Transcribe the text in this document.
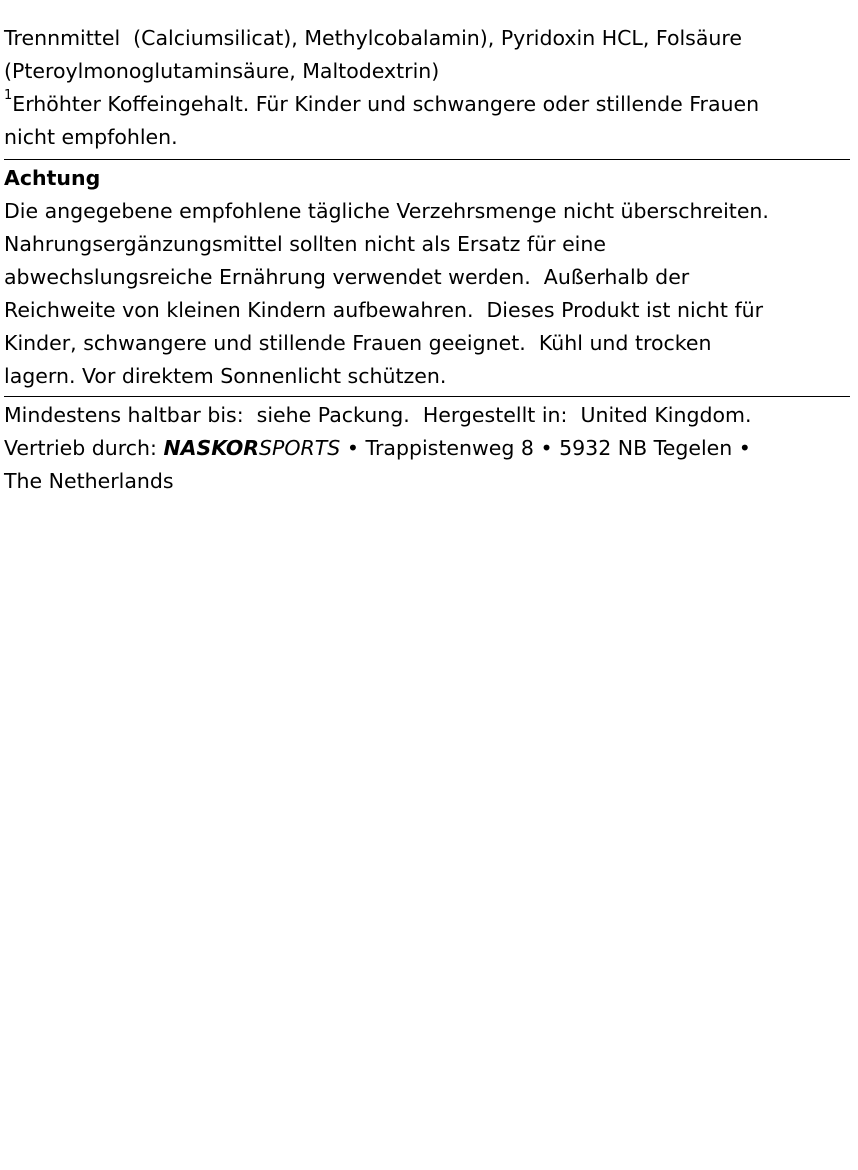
Trennmittel  (Calciumsilicat), Methylcobalamin), Pyridoxin HCL, Folsäure

(Pteroylmonoglutaminsäure, Maltodextrin)

$^1$Erhöhter Koffeingehalt. Für Kinder und schwangere oder stillende Frauen

nicht empfohlen.

Achtung

Die angegebene empfohlene tägliche Verzehrsmenge nicht überschreiten.

Nahrungsergänzungsmittel sollten nicht als Ersatz für eine

abwechslungsreiche Ernährung verwendet werden.  Außerhalb der

Reichweite von kleinen Kindern aufbewahren.  Dieses Produkt ist nicht für

Kinder, schwangere und stillende Frauen geeignet.  Kühl und trocken

lagern. Vor direktem Sonnenlicht schützen.

Mindestens haltbar bis:  siehe Packung.  Hergestellt in:  United Kingdom.

Vertrieb durch: NASKORSPORTS • Trappistenweg 8 • 5932 NB Tegelen •

The Netherlands
